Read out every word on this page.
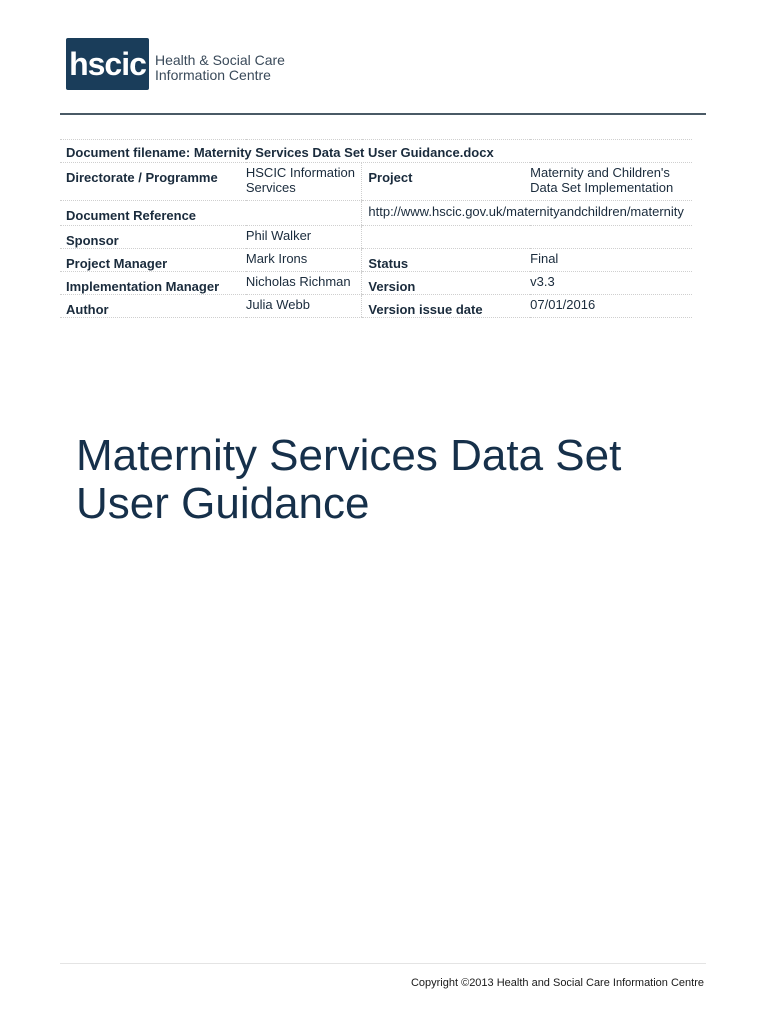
hscic Health & Social Care
Information Centre
Document filename: Maternity Services Data Set User Guidance.docx			
Directorate / Programme	HSCIC Information Services	Project	Maternity and Children's Data Set Implementation
Document Reference		http://www.hscic.gov.uk/maternityandchildren/maternity	
Sponsor	Phil Walker		
Project Manager	Mark Irons	Status	Final
Implementation Manager	Nicholas Richman	Version	v3.3
Author	Julia Webb	Version issue date	07/01/2016
Maternity Services Data Set
User Guidance
Copyright ©2013 Health and Social Care Information Centre
